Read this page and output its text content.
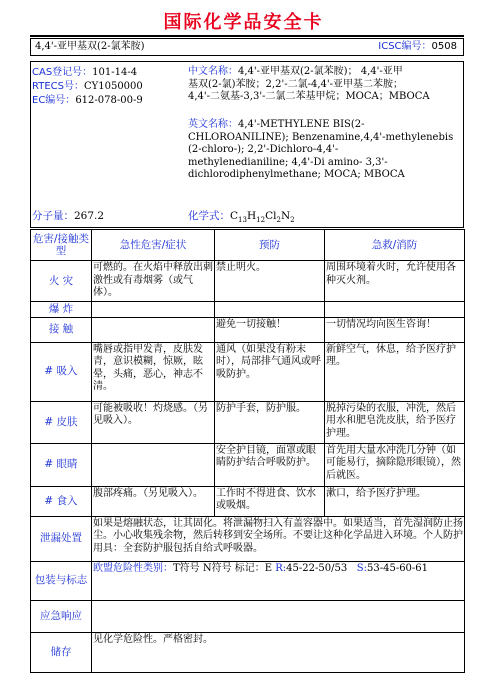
国际化学品安全卡
4,4'-亚甲基双(2-氯苯胺)	ICSC编号：0508
CAS登记号：101-14-4
RTECS号：CY1050000
EC编号：612-078-00-9
中文名称：4,4'-亚甲基双(2-氯苯胺)； 4,4'-亚甲
基双(2-氯)苯胺；2,2'-二氯-4,4'-亚甲基二苯胺；
4,4'-二氨基-3,3'-二氯二苯基甲烷；MOCA；MBOCA
英文名称：4,4'-METHYLENE BIS(2-
CHLOROANILINE); Benzenamine,4,4'-methylenebis
(2-chloro-); 2,2'-Dichloro-4,4'-
methylenedianiline; 4,4'-Di amino- 3,3'-
dichlorodiphenylmethane; MOCA; MBOCA
分子量：267.2	化学式：$C_{13}H_{12}Cl_2N_2$
危害/接触类型	急性危害/症状	预防	急救/消防
火 灾	可燃的。在火焰中释放出刺激性或有毒烟雾（或气体）。	禁止明火。	周围环境着火时，允许使用各种灭火剂。
爆 炸			
接 触		避免一切接触！	一切情况均向医生咨询！
# 吸入	嘴唇或指甲发青，皮肤发青，意识模糊，惊厥，眩晕，头痛，恶心，神志不清。	通风（如果没有粉末时），局部排气通风或呼吸防护。	新鲜空气，休息，给予医疗护理。
# 皮肤	可能被吸收！灼烧感。（另见吸入）。	防护手套，防护服。	脱掉污染的衣服，冲洗，然后用水和肥皂洗皮肤，给予医疗护理。
# 眼睛		安全护目镜，面罩或眼睛防护结合呼吸防护。	首先用大量水冲洗几分钟（如可能易行，摘除隐形眼镜），然后就医。
# 食入	腹部疼痛。（另见吸入）。	工作时不得进食、饮水或吸烟。	漱口，给予医疗护理。
泄漏处置	如果是熔融状态，让其固化。将泄漏物扫入有盖容器中。如果适当，首先湿润防止扬尘。小心收集残余物，然后转移到安全场所。不要让这种化学品进入环境。个人防护用具：全套防护服包括自给式呼吸器。		
包装与标志	欧盟危险性类别：T符号 N符号 标记：E R:45-22-50/53 S:53-45-60-61		
应急响应			
储存	见化学危险性。严格密封。		
